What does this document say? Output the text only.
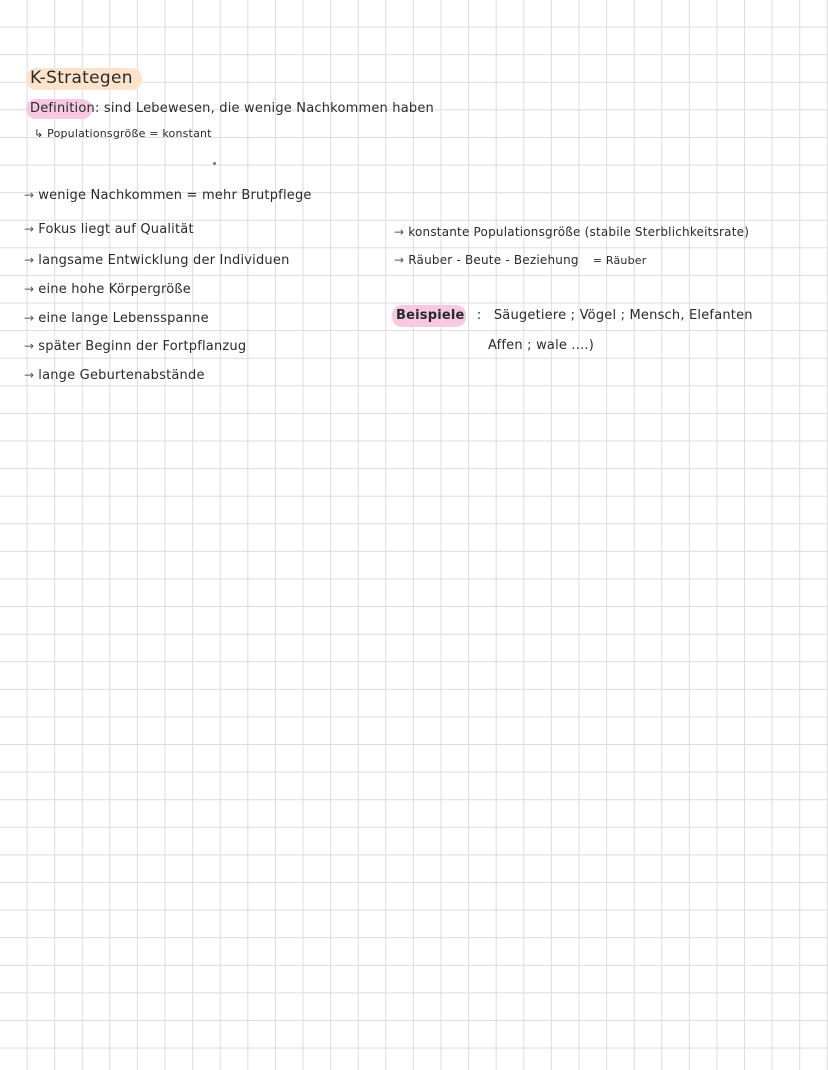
K-Strategen
Definition: sind Lebewesen, die wenige Nachkommen haben
↳ Populationsgröße = konstant
→ wenige Nachkommen = mehr Brutpflege
→ Fokus liegt auf Qualität
→ langsame Entwicklung der Individuen
→ eine hohe Körpergröße
→ eine lange Lebensspanne
→ später Beginn der Fortpflanzug
→ lange Geburtenabstände
→ konstante Populationsgröße (stabile Sterblichkeitsrate)
→ Räuber - Beute - Beziehung = Räuber
Beispiele : Säugetiere ; Vögel ; Mensch, Elefanten
Affen ; wale ....)
